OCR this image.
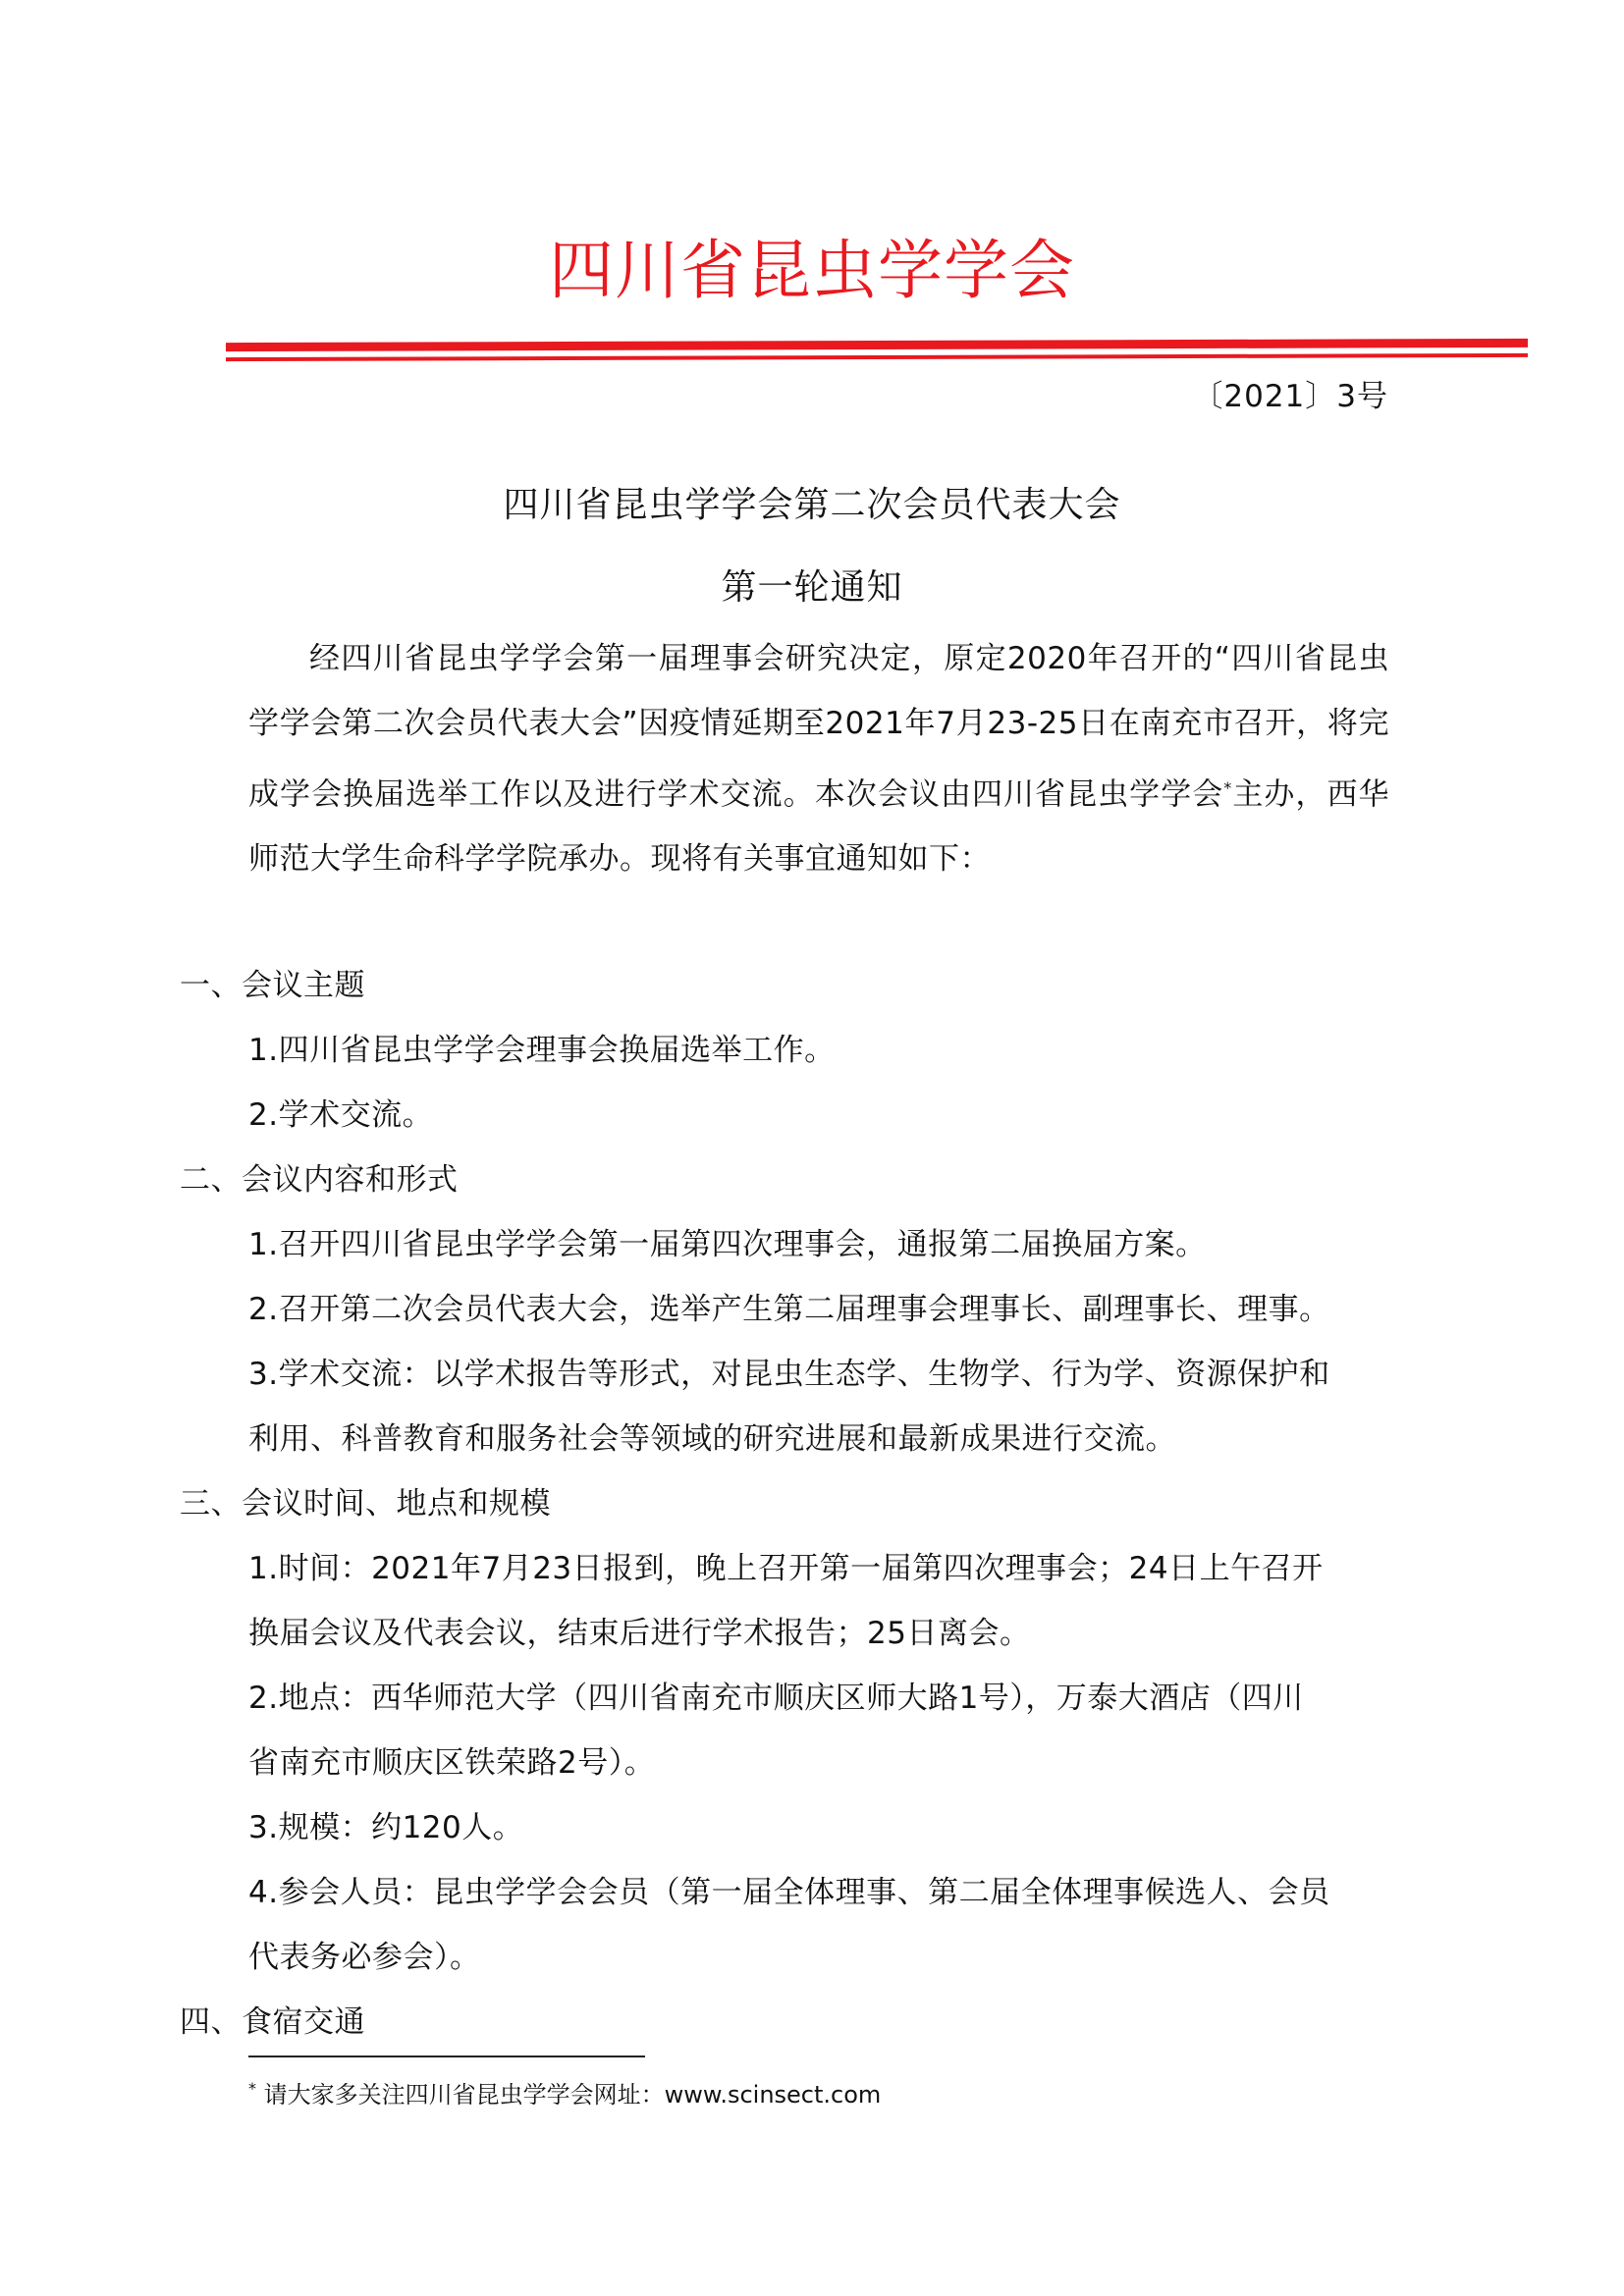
四川省昆虫学学会
〔2021〕3号
四川省昆虫学学会第二次会员代表大会
第一轮通知
经四川省昆虫学学会第一届理事会研究决定，原定2020年召开的“四川省昆虫学学会第二次会员代表大会”因疫情延期至2021年7月23-25日在南充市召开，将完成学会换届选举工作以及进行学术交流。本次会议由四川省昆虫学学会*主办，西华师范大学生命科学学院承办。现将有关事宜通知如下：
一、会议主题
1.四川省昆虫学学会理事会换届选举工作。
2.学术交流。
二、会议内容和形式
1.召开四川省昆虫学学会第一届第四次理事会，通报第二届换届方案。
2.召开第二次会员代表大会，选举产生第二届理事会理事长、副理事长、理事。
3.学术交流：以学术报告等形式，对昆虫生态学、生物学、行为学、资源保护和
利用、科普教育和服务社会等领域的研究进展和最新成果进行交流。
三、会议时间、地点和规模
1.时间：2021年7月23日报到，晚上召开第一届第四次理事会；24日上午召开
换届会议及代表会议，结束后进行学术报告；25日离会。
2.地点：西华师范大学（四川省南充市顺庆区师大路1号），万泰大酒店（四川
省南充市顺庆区铁荣路2号）。
3.规模：约120人。
4.参会人员：昆虫学学会会员（第一届全体理事、第二届全体理事候选人、会员
代表务必参会）。
四、食宿交通
* 请大家多关注四川省昆虫学学会网址：www.scinsect.com
